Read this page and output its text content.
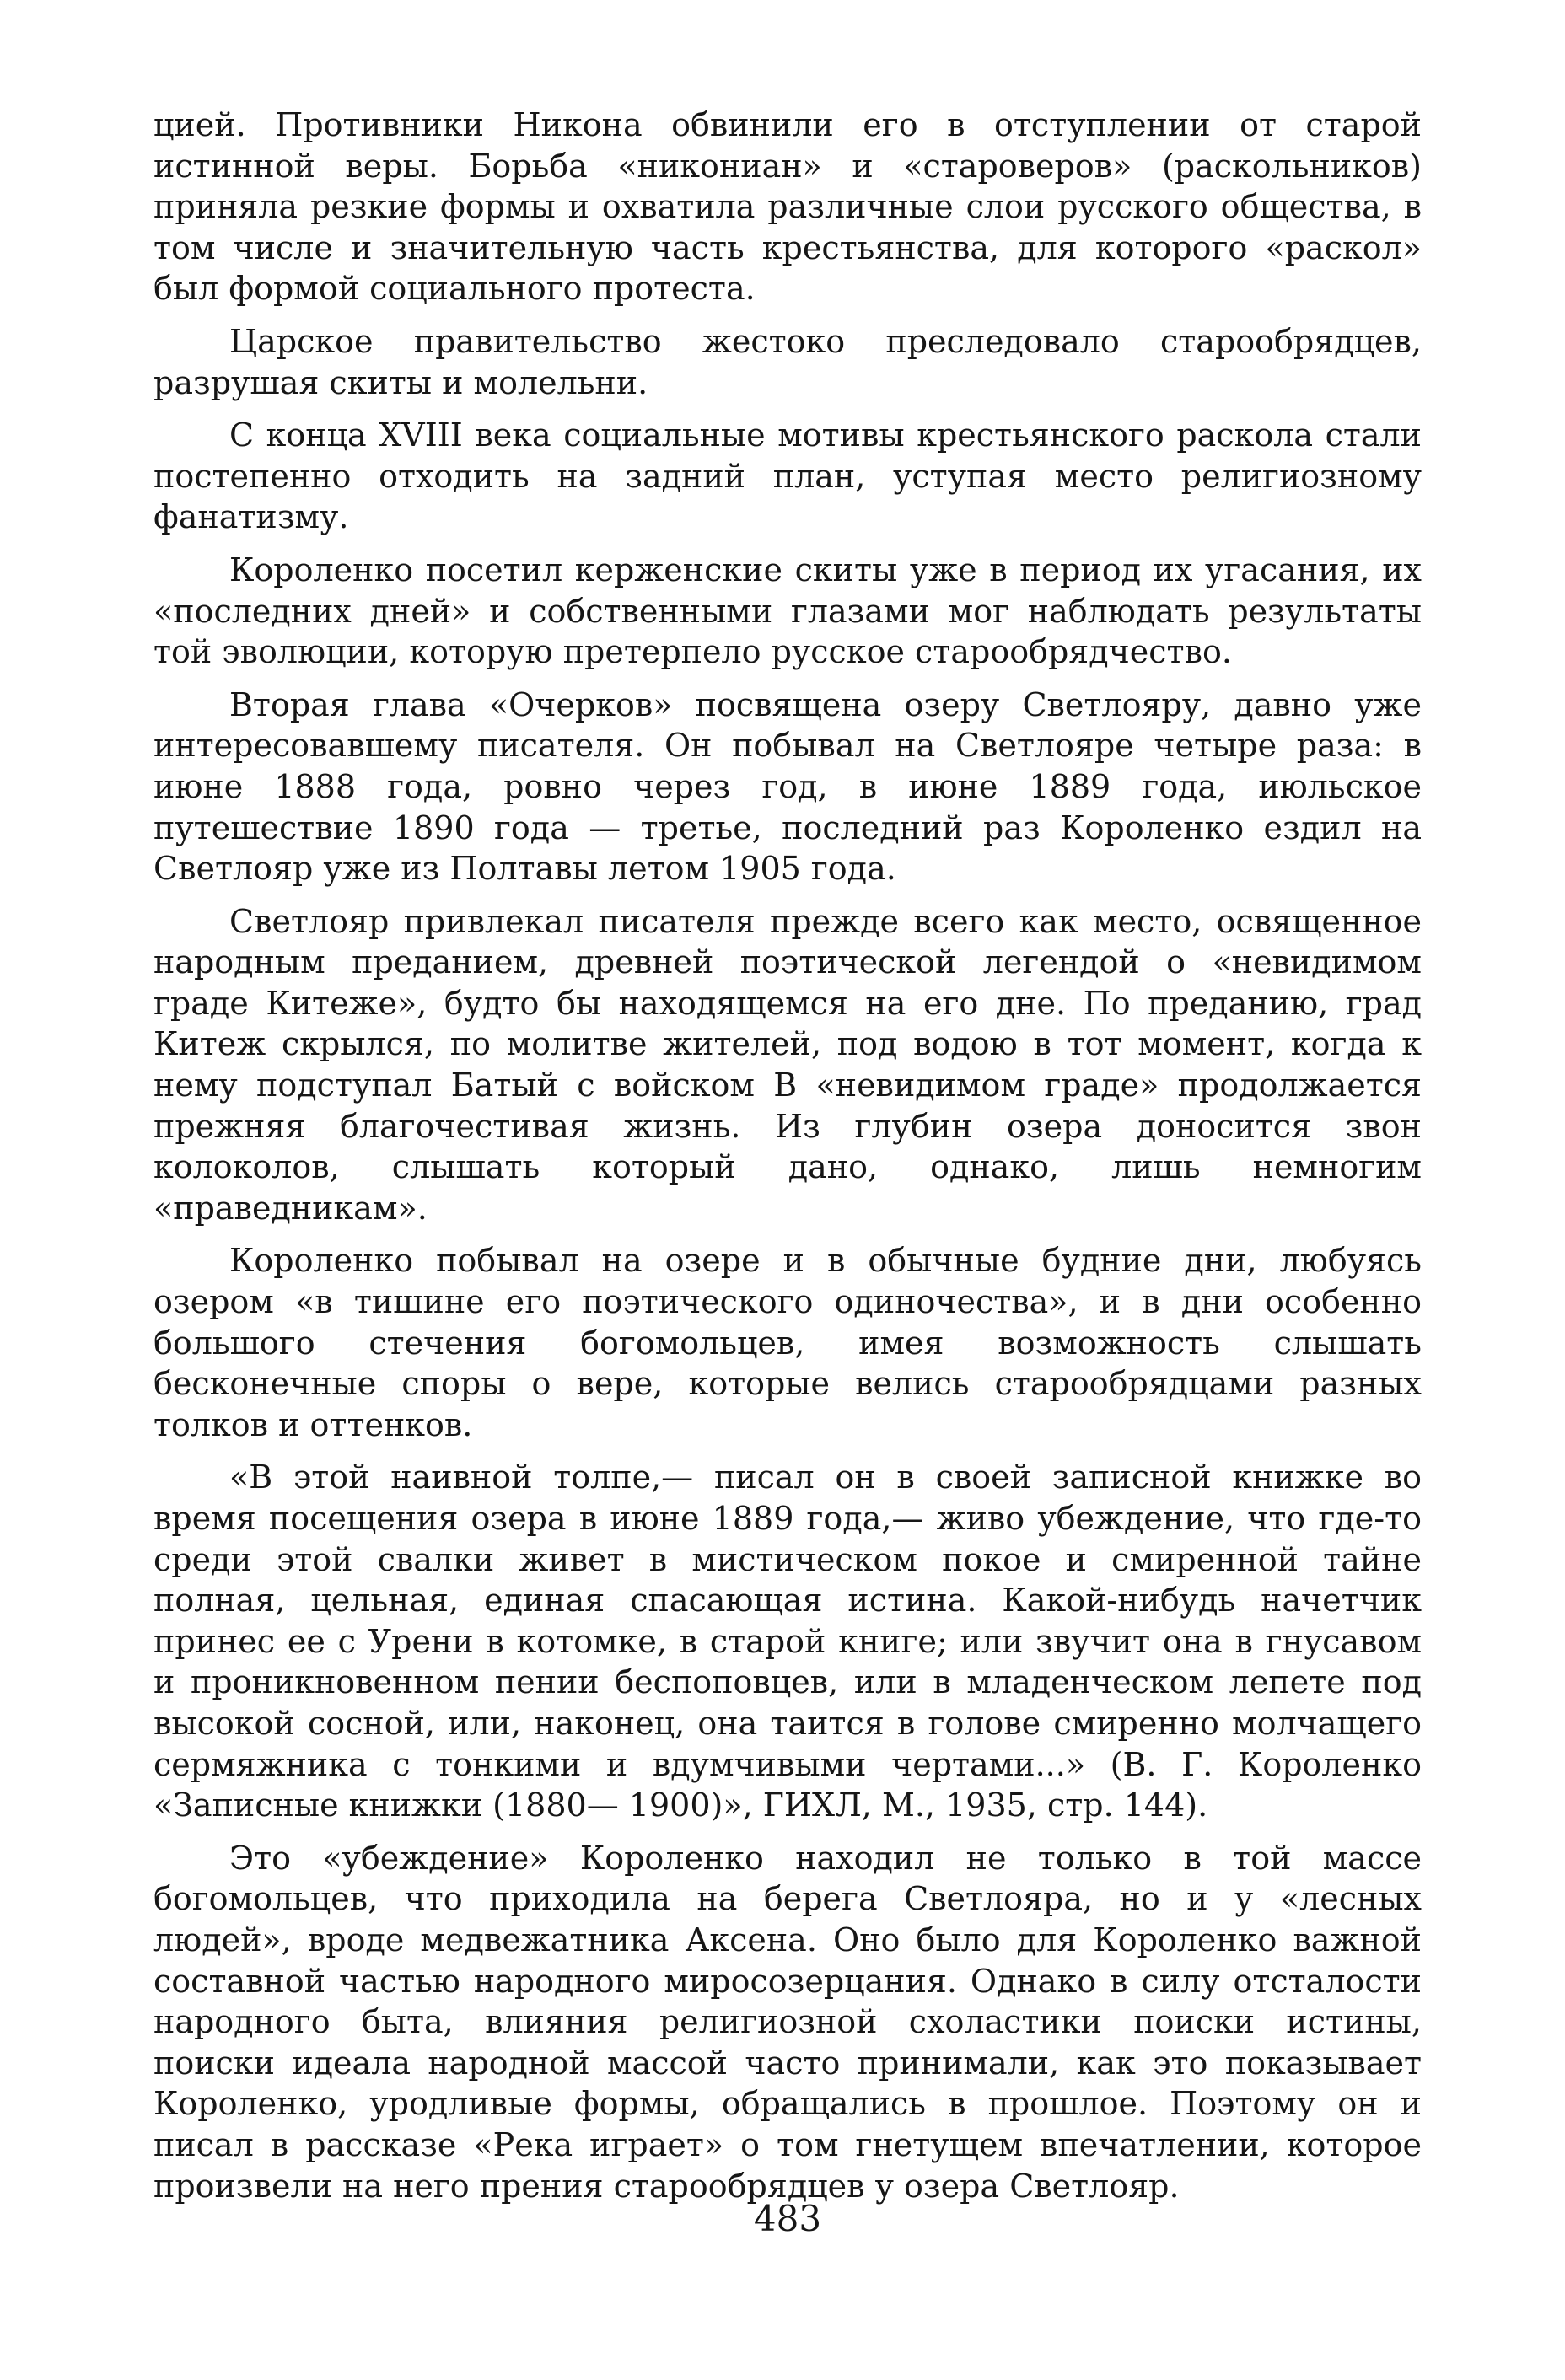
цией. Противники Никона обвинили его в отступлении от старой истинной веры. Борьба «никониан» и «староверов» (раскольников) приняла резкие формы и охватила различные слои русского общества, в том числе и значительную часть крестьянства, для которого «раскол» был формой социального протеста.

Царское правительство жестоко преследовало старообрядцев, разрушая скиты и молельни.

С конца XVIII века социальные мотивы крестьянского раскола стали постепенно отходить на задний план, уступая место религиозному фанатизму.

Короленко посетил керженские скиты уже в период их угасания, их «последних дней» и собственными глазами мог наблюдать результаты той эволюции, которую претерпело русское старообрядчество.

Вторая глава «Очерков» посвящена озеру Светлояру, давно уже интересовавшему писателя. Он побывал на Светлояре четыре раза: в июне 1888 года, ровно через год, в июне 1889 года, июльское путешествие 1890 года — третье, последний раз Короленко ездил на Светлояр уже из Полтавы летом 1905 года.

Светлояр привлекал писателя прежде всего как место, освященное народным преданием, древней поэтической легендой о «невидимом граде Китеже», будто бы находящемся на его дне. По преданию, град Китеж скрылся, по молитве жителей, под водою в тот момент, когда к нему подступал Батый с войском В «невидимом граде» продолжается прежняя благочестивая жизнь. Из глубин озера доносится звон колоколов, слышать который дано, однако, лишь немногим «праведникам».

Короленко побывал на озере и в обычные будние дни, любуясь озером «в тишине его поэтического одиночества», и в дни особенно большого стечения богомольцев, имея возможность слышать бесконечные споры о вере, которые велись старообрядцами разных толков и оттенков.

«В этой наивной толпе,— писал он в своей записной книжке во время посещения озера в июне 1889 года,— живо убеждение, что где-то среди этой свалки живет в мистическом покое и смиренной тайне полная, цельная, единая спасающая истина. Какой-нибудь начетчик принес ее с Урени в котомке, в старой книге; или звучит она в гнусавом и проникновенном пении беспоповцев, или в младенческом лепете под высокой сосной, или, наконец, она таится в голове смиренно молчащего сермяжника с тонкими и вдумчивыми чертами...» (В. Г. Короленко «Записные книжки (1880— 1900)», ГИХЛ, М., 1935, стр. 144).

Это «убеждение» Короленко находил не только в той массе богомольцев, что приходила на берега Светлояра, но и у «лесных людей», вроде медвежатника Аксена. Оно было для Короленко важной составной частью народного миросозерцания. Однако в силу отсталости народного быта, влияния религиозной схоластики поиски истины, поиски идеала народной массой часто принимали, как это показывает Короленко, уродливые формы, обращались в прошлое. Поэтому он и писал в рассказе «Река играет» о том гнетущем впечатлении, которое произвели на него прения старообрядцев у озера Светлояр.

483
